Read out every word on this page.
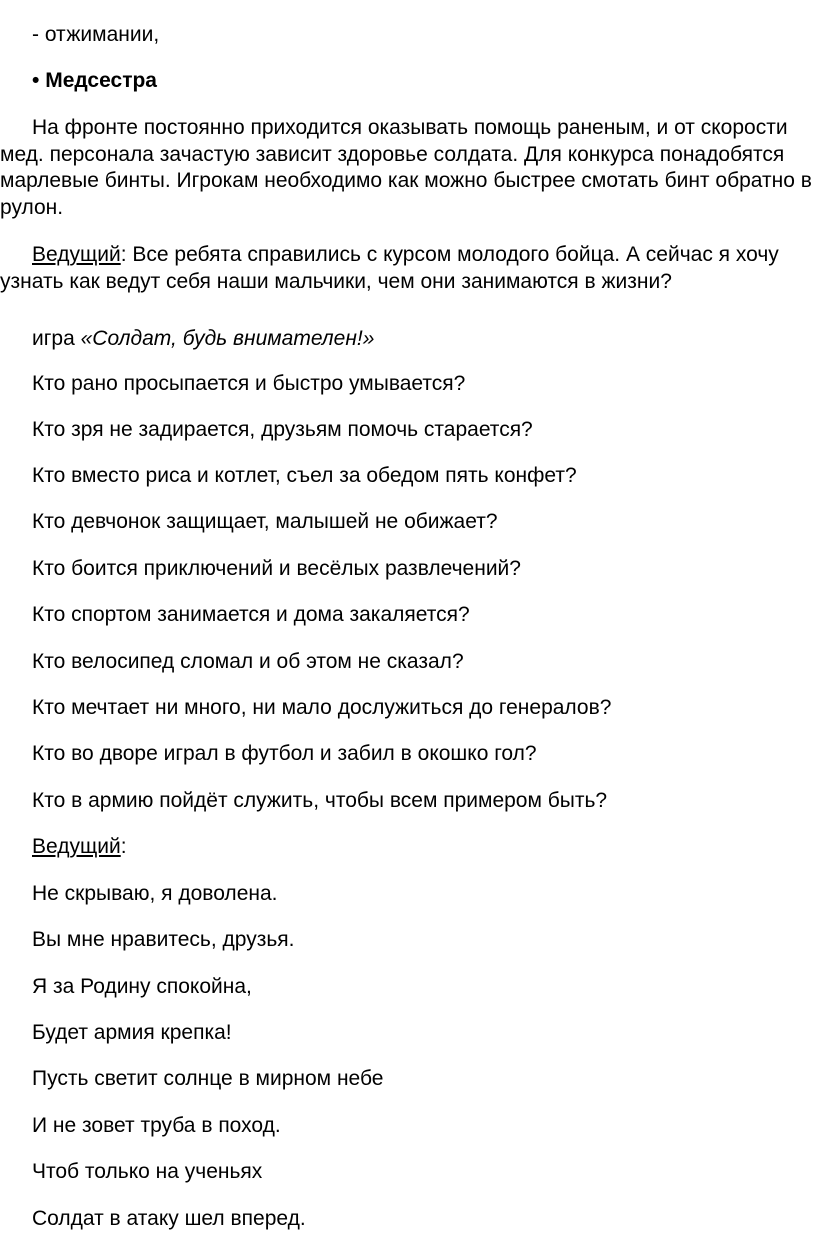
- отжимании,
• Медсестра
На фронте постоянно приходится оказывать помощь раненым, и от скорости мед. персонала зачастую зависит здоровье солдата. Для конкурса понадобятся марлевые бинты. Игрокам необходимо как можно быстрее смотать бинт обратно в рулон.
Ведущий: Все ребята справились с курсом молодого бойца. А сейчас я хочу узнать как ведут себя наши мальчики, чем они занимаются в жизни?
игра «Солдат, будь внимателен!»
Кто рано просыпается и быстро умывается?
Кто зря не задирается, друзьям помочь старается?
Кто вместо риса и котлет, съел за обедом пять конфет?
Кто девчонок защищает, малышей не обижает?
Кто боится приключений и весёлых развлечений?
Кто спортом занимается и дома закаляется?
Кто велосипед сломал и об этом не сказал?
Кто мечтает ни много, ни мало дослужиться до генералов?
Кто во дворе играл в футбол и забил в окошко гол?
Кто в армию пойдёт служить, чтобы всем примером быть?
Ведущий:
Не скрываю, я доволена.
Вы мне нравитесь, друзья.
Я за Родину спокойна,
Будет армия крепка!
Пусть светит солнце в мирном небе
И не зовет труба в поход.
Чтоб только на ученьях
Солдат в атаку шел вперед.
